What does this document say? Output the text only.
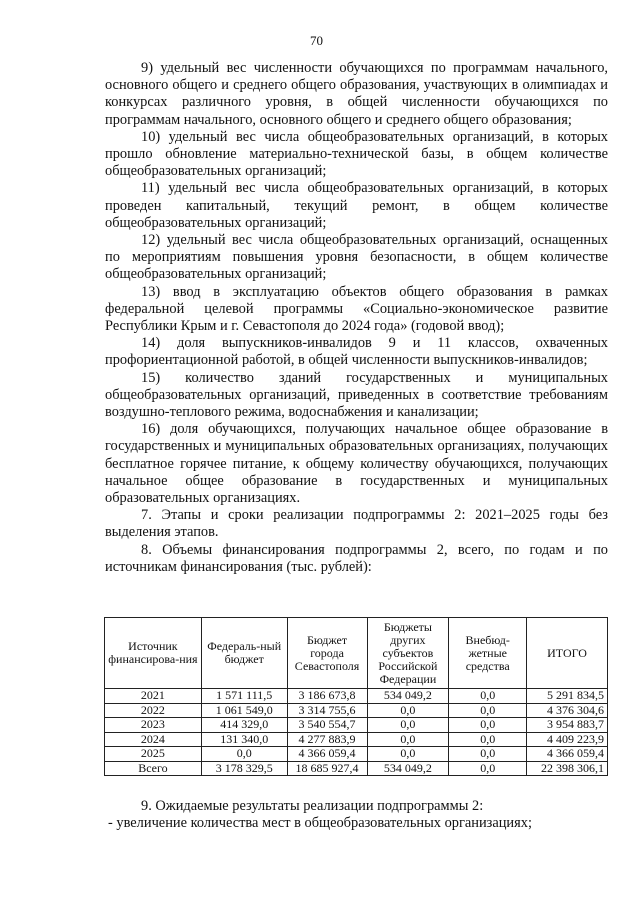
70

9) удельный вес численности обучающихся по программам начального, основного общего и среднего общего образования, участвующих в олимпиадах и конкурсах различного уровня, в общей численности обучающихся по программам начального, основного общего и среднего общего образования;

10) удельный вес числа общеобразовательных организаций, в которых прошло обновление материально-технической базы, в общем количестве общеобразовательных организаций;

11) удельный вес числа общеобразовательных организаций, в которых проведен капитальный, текущий ремонт, в общем количестве общеобразовательных организаций;

12) удельный вес числа общеобразовательных организаций, оснащенных по мероприятиям повышения уровня безопасности, в общем количестве общеобразовательных организаций;

13) ввод в эксплуатацию объектов общего образования в рамках федеральной целевой программы «Социально-экономическое развитие Республики Крым и г. Севастополя до 2024 года» (годовой ввод);

14) доля выпускников-инвалидов 9 и 11 классов, охваченных профориентационной работой, в общей численности выпускников-инвалидов;

15) количество зданий государственных и муниципальных общеобразовательных организаций, приведенных в соответствие требованиям воздушно-теплового режима, водоснабжения и канализации;

16) доля обучающихся, получающих начальное общее образование в государственных и муниципальных образовательных организациях, получающих бесплатное горячее питание, к общему количеству обучающихся, получающих начальное общее образование в государственных и муниципальных образовательных организациях.

7. Этапы и сроки реализации подпрограммы 2: 2021–2025 годы без выделения этапов.

8. Объемы финансирования подпрограммы 2, всего, по годам и по источникам финансирования (тыс. рублей):

Источник финансирова-ния	Федераль-ный бюджет	Бюджет города Севастополя	Бюджеты других субъектов Российской Федерации	Внебюд-жетные средства	ИТОГО
2021	1 571 111,5	3 186 673,8	534 049,2	0,0	5 291 834,5
2022	1 061 549,0	3 314 755,6	0,0	0,0	4 376 304,6
2023	414 329,0	3 540 554,7	0,0	0,0	3 954 883,7
2024	131 340,0	4 277 883,9	0,0	0,0	4 409 223,9
2025	0,0	4 366 059,4	0,0	0,0	4 366 059,4
Всего	3 178 329,5	18 685 927,4	534 049,2	0,0	22 398 306,1

9. Ожидаемые результаты реализации подпрограммы 2:

- увеличение количества мест в общеобразовательных организациях;
